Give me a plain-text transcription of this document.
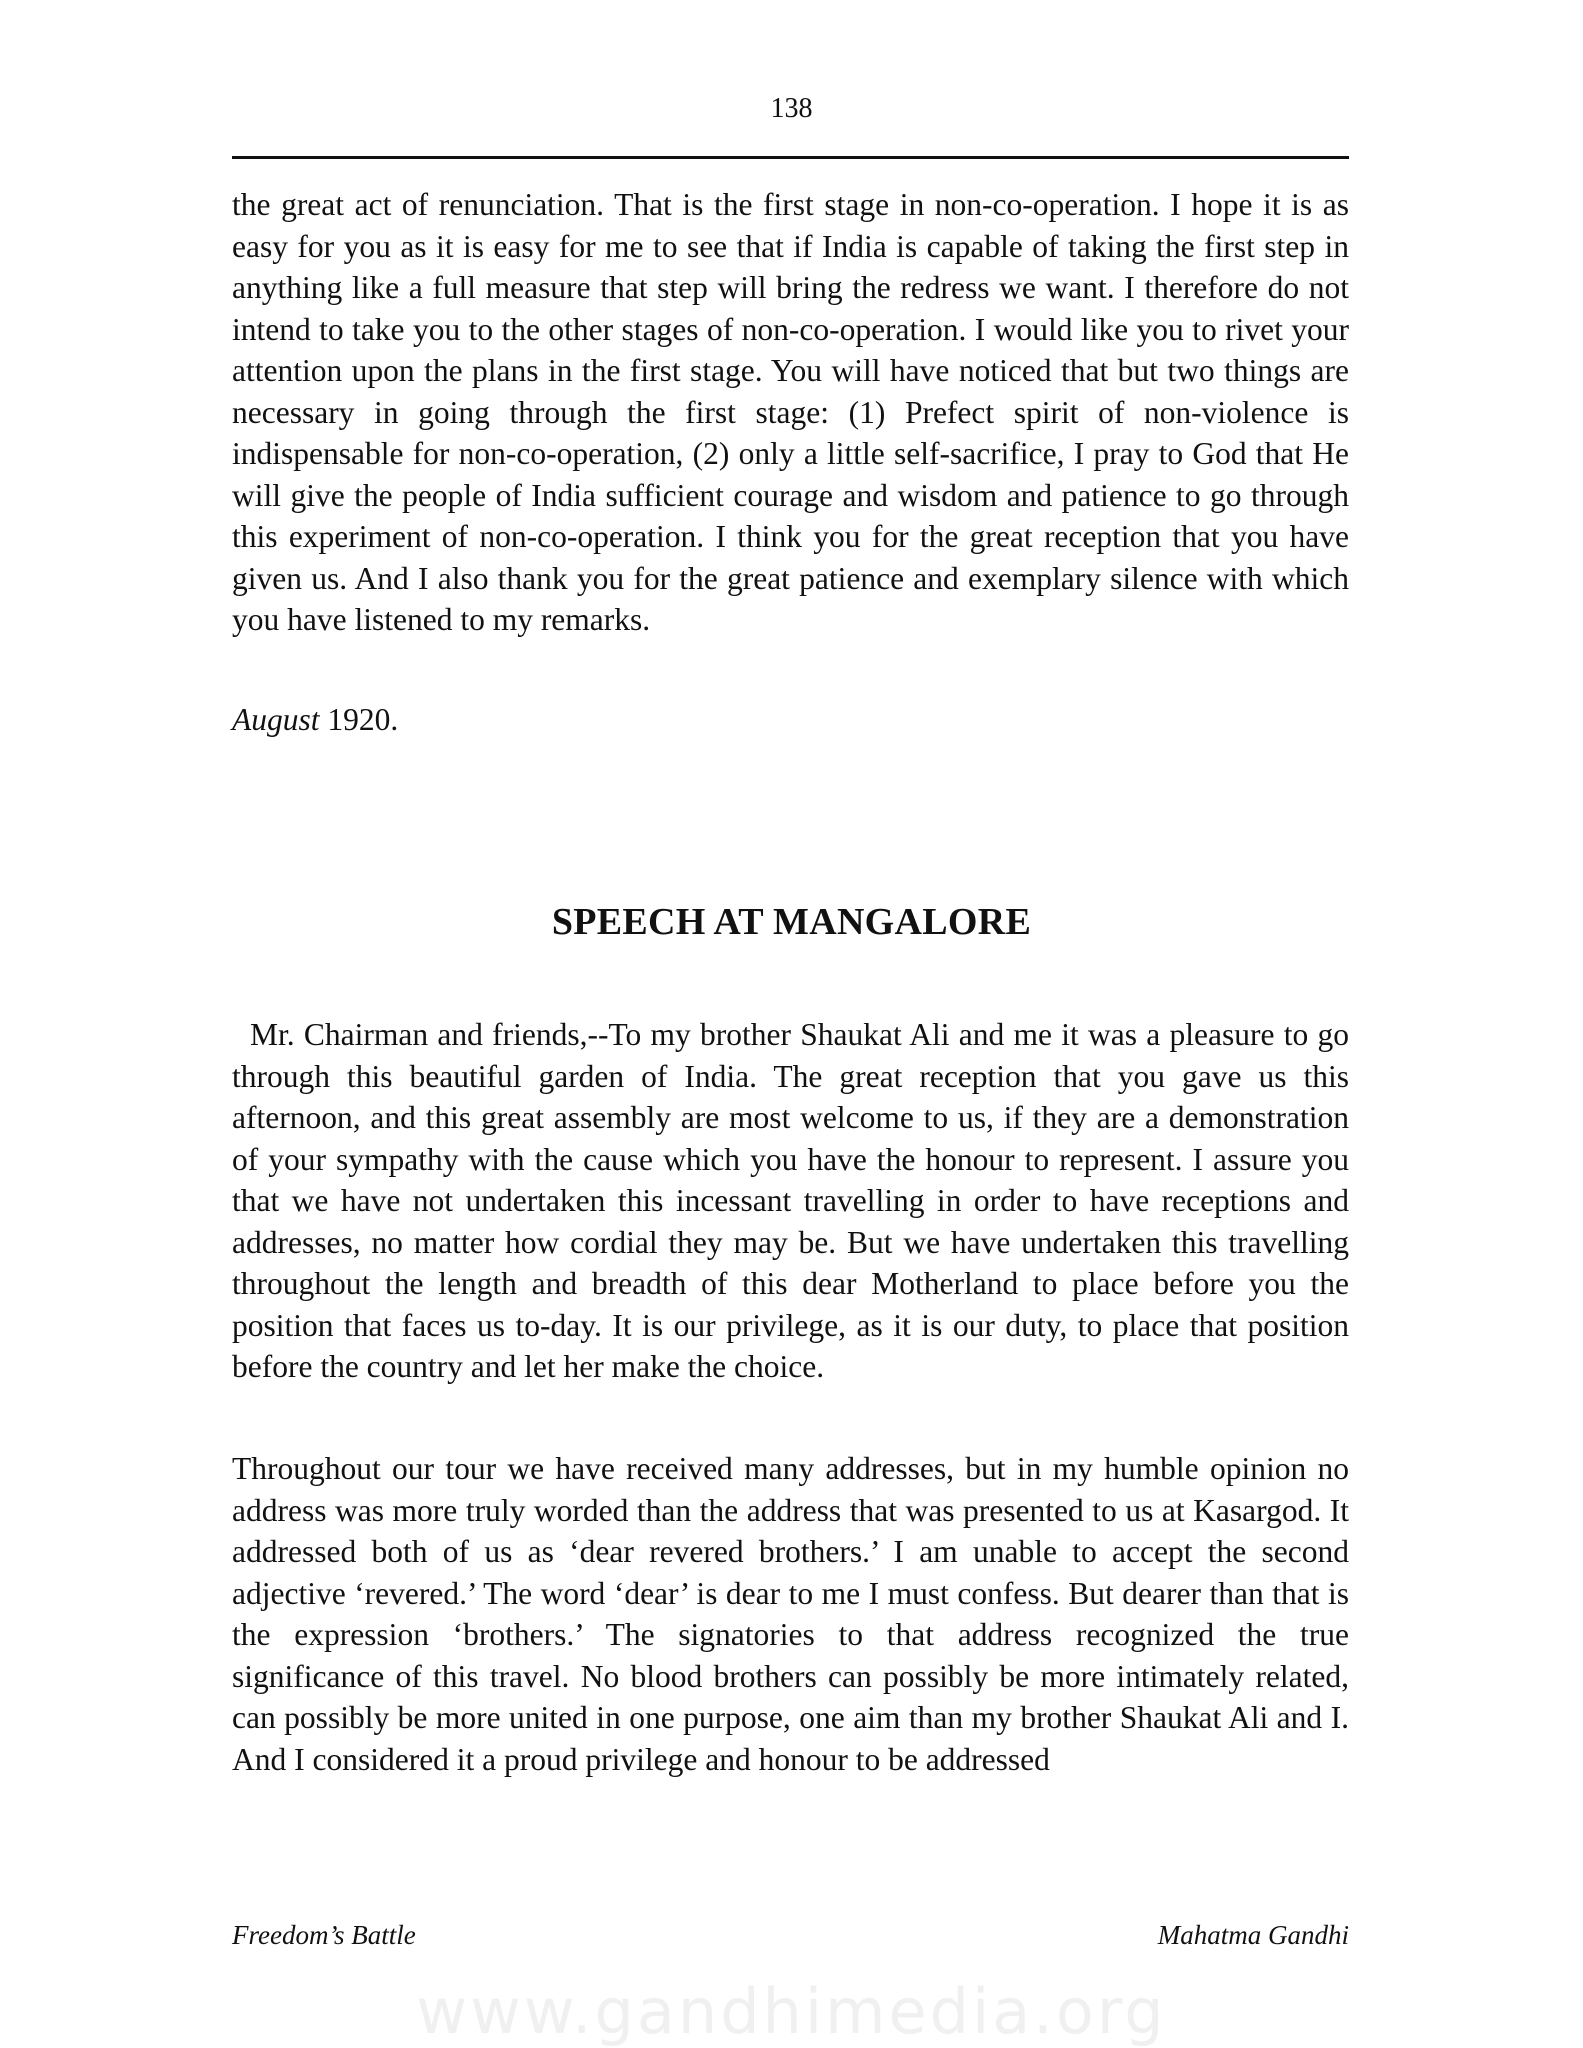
138
the great act of renunciation. That is the first stage in non-co-operation. I hope it is as easy for you as it is easy for me to see that if India is capable of taking the first step in anything like a full measure that step will bring the redress we want. I therefore do not intend to take you to the other stages of non-co-operation. I would like you to rivet your attention upon the plans in the first stage. You will have noticed that but two things are necessary in going through the first stage: (1) Prefect spirit of non-violence is indispensable for non-co-operation, (2) only a little self-sacrifice, I pray to God that He will give the people of India sufficient courage and wisdom and patience to go through this experiment of non-co-operation. I think you for the great reception that you have given us. And I also thank you for the great patience and exemplary silence with which you have listened to my remarks.
August 1920.
SPEECH AT MANGALORE
Mr. Chairman and friends,--To my brother Shaukat Ali and me it was a pleasure to go through this beautiful garden of India. The great reception that you gave us this afternoon, and this great assembly are most welcome to us, if they are a demonstration of your sympathy with the cause which you have the honour to represent. I assure you that we have not undertaken this incessant travelling in order to have receptions and addresses, no matter how cordial they may be. But we have undertaken this travelling throughout the length and breadth of this dear Motherland to place before you the position that faces us to-day. It is our privilege, as it is our duty, to place that position before the country and let her make the choice.
Throughout our tour we have received many addresses, but in my humble opinion no address was more truly worded than the address that was presented to us at Kasargod. It addressed both of us as ‘dear revered brothers.’ I am unable to accept the second adjective ‘revered.’ The word ‘dear’ is dear to me I must confess. But dearer than that is the expression ‘brothers.’ The signatories to that address recognized the true significance of this travel. No blood brothers can possibly be more intimately related, can possibly be more united in one purpose, one aim than my brother Shaukat Ali and I. And I considered it a proud privilege and honour to be addressed
Freedom’s Battle	Mahatma Gandhi
www.gandhimedia.org
